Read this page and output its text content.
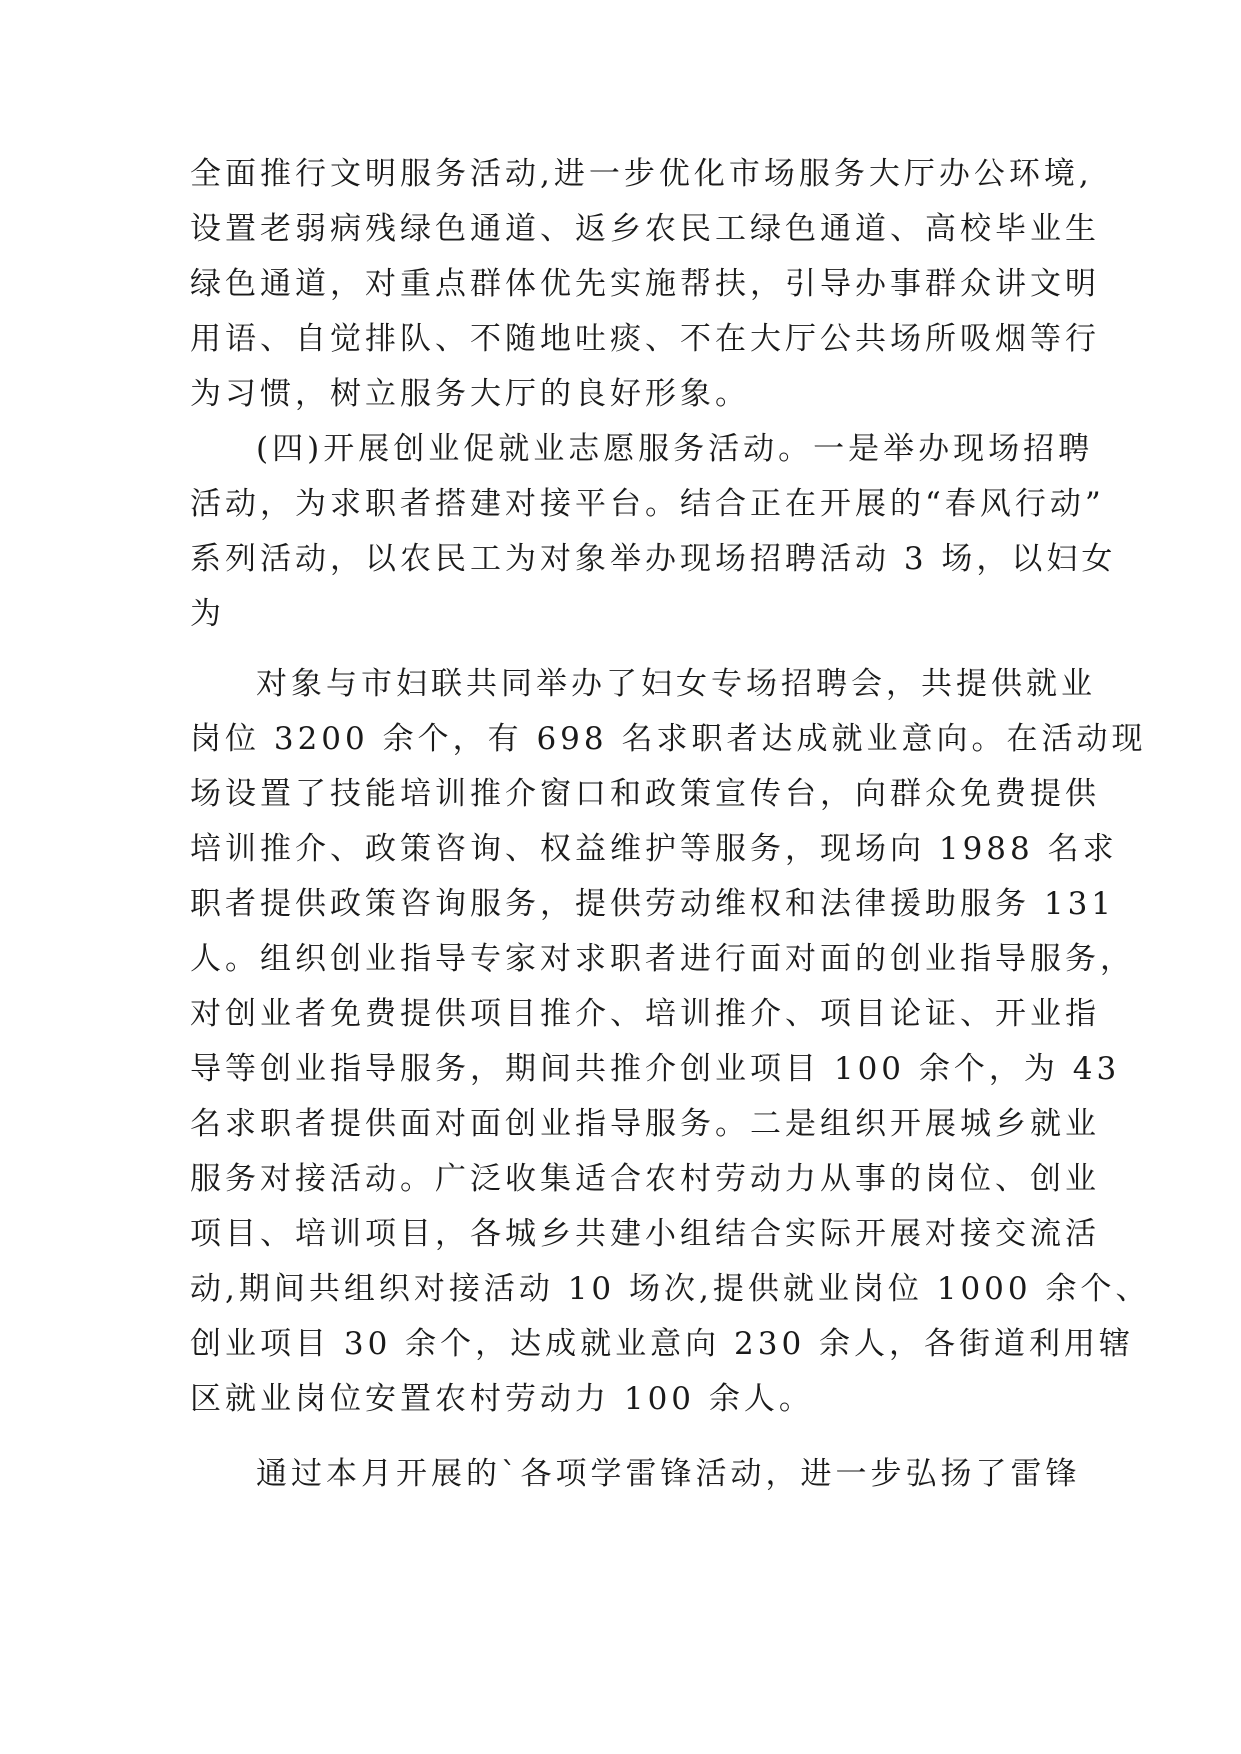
全面推行文明服务活动,进一步优化市场服务大厅办公环境,
设置老弱病残绿色通道、返乡农民工绿色通道、高校毕业生
绿色通道，对重点群体优先实施帮扶，引导办事群众讲文明
用语、自觉排队、不随地吐痰、不在大厅公共场所吸烟等行
为习惯，树立服务大厅的良好形象。
(四)开展创业促就业志愿服务活动。一是举办现场招聘
活动，为求职者搭建对接平台。结合正在开展的“春风行动”
系列活动，以农民工为对象举办现场招聘活动 3 场，以妇女
为
对象与市妇联共同举办了妇女专场招聘会，共提供就业
岗位 3200 余个，有 698 名求职者达成就业意向。在活动现
场设置了技能培训推介窗口和政策宣传台，向群众免费提供
培训推介、政策咨询、权益维护等服务，现场向 1988 名求
职者提供政策咨询服务，提供劳动维权和法律援助服务 131
人。组织创业指导专家对求职者进行面对面的创业指导服务，
对创业者免费提供项目推介、培训推介、项目论证、开业指
导等创业指导服务，期间共推介创业项目 100 余个，为 43
名求职者提供面对面创业指导服务。二是组织开展城乡就业
服务对接活动。广泛收集适合农村劳动力从事的岗位、创业
项目、培训项目，各城乡共建小组结合实际开展对接交流活
动,期间共组织对接活动 10 场次,提供就业岗位 1000 余个、
创业项目 30 余个，达成就业意向 230 余人，各街道利用辖
区就业岗位安置农村劳动力 100 余人。
通过本月开展的`各项学雷锋活动，进一步弘扬了雷锋
